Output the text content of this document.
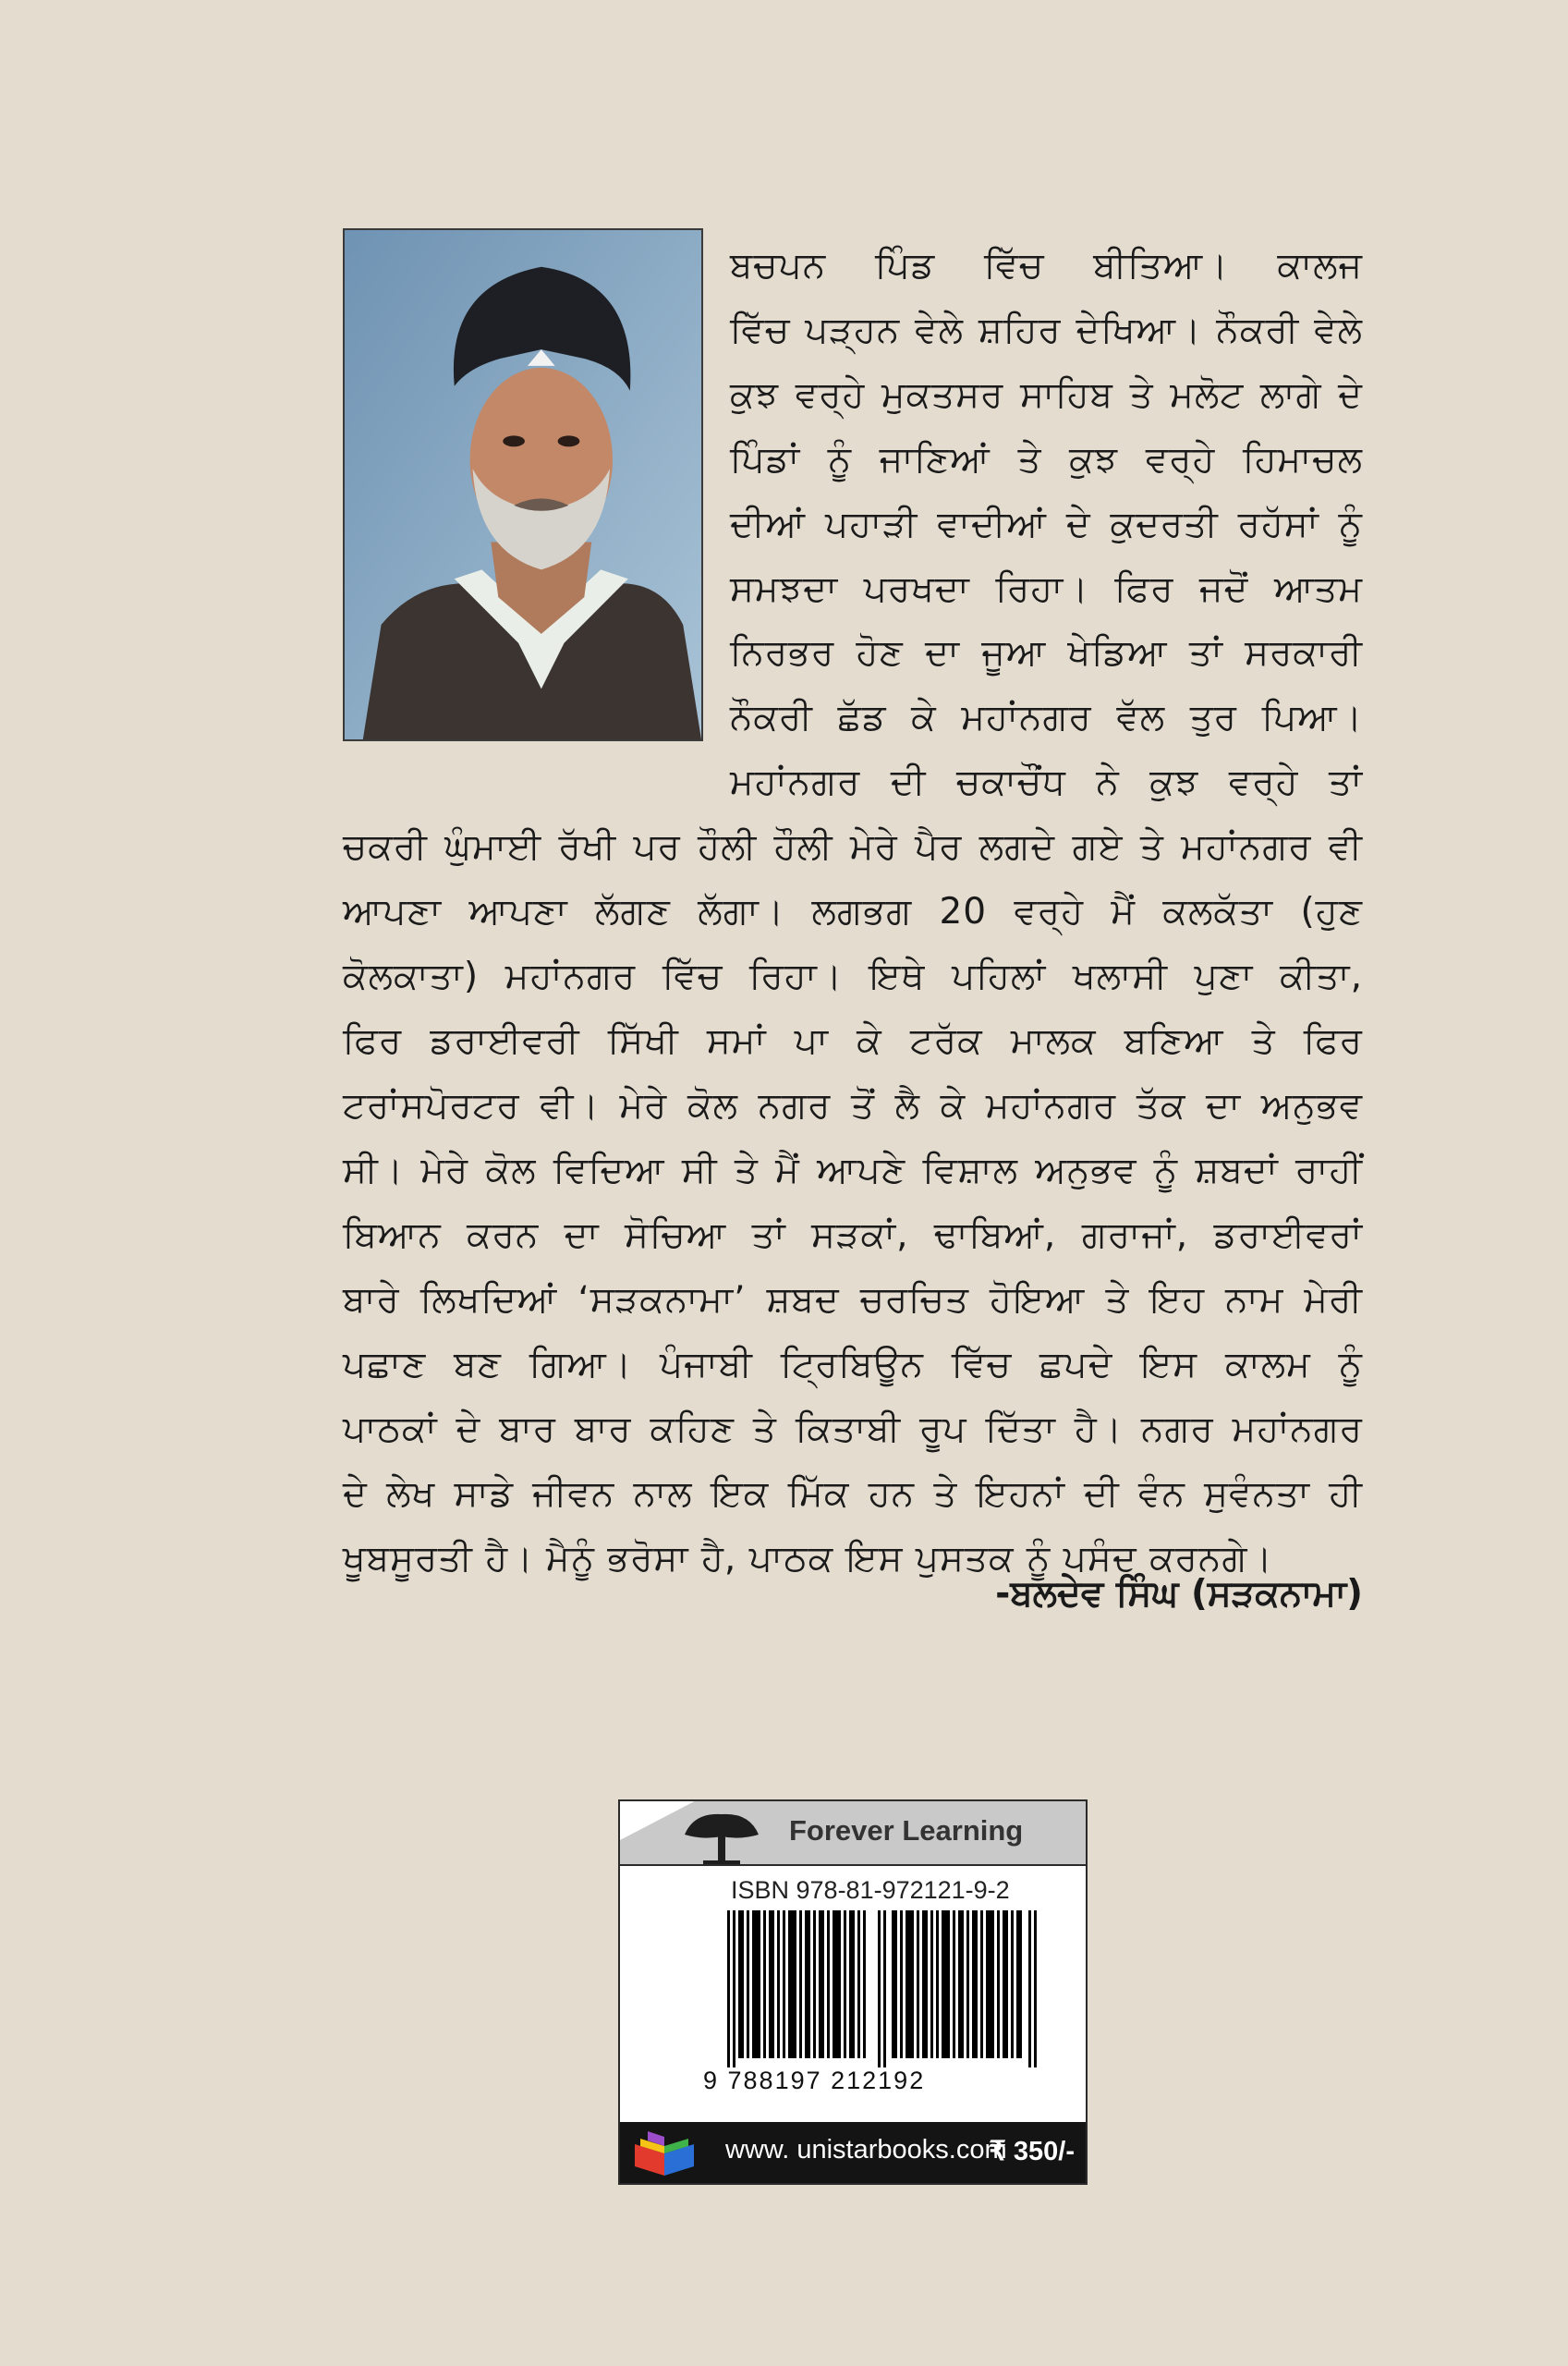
ਬਚਪਨ ਪਿੰਡ ਵਿੱਚ ਬੀਤਿਆ। ਕਾਲਜ
ਵਿੱਚ ਪੜ੍ਹਨ ਵੇਲੇ ਸ਼ਹਿਰ ਦੇਖਿਆ। ਨੌਕਰੀ ਵੇਲੇ
ਕੁਝ ਵਰ੍ਹੇ ਮੁਕਤਸਰ ਸਾਹਿਬ ਤੇ ਮਲੋਟ ਲਾਗੇ ਦੇ
ਪਿੰਡਾਂ ਨੂੰ ਜਾਣਿਆਂ ਤੇ ਕੁਝ ਵਰ੍ਹੇ ਹਿਮਾਚਲ
ਦੀਆਂ ਪਹਾੜੀ ਵਾਦੀਆਂ ਦੇ ਕੁਦਰਤੀ ਰਹੱਸਾਂ ਨੂੰ
ਸਮਝਦਾ ਪਰਖਦਾ ਰਿਹਾ। ਫਿਰ ਜਦੋਂ ਆਤਮ
ਨਿਰਭਰ ਹੋਣ ਦਾ ਜੂਆ ਖੇਡਿਆ ਤਾਂ ਸਰਕਾਰੀ
ਨੌਕਰੀ ਛੱਡ ਕੇ ਮਹਾਂਨਗਰ ਵੱਲ ਤੁਰ ਪਿਆ।
ਮਹਾਂਨਗਰ ਦੀ ਚਕਾਚੌਂਧ ਨੇ ਕੁਝ ਵਰ੍ਹੇ ਤਾਂ
ਚਕਰੀ ਘੁੰਮਾਈ ਰੱਖੀ ਪਰ ਹੌਲੀ ਹੌਲੀ ਮੇਰੇ ਪੈਰ ਲਗਦੇ ਗਏ ਤੇ ਮਹਾਂਨਗਰ ਵੀ
ਆਪਣਾ ਆਪਣਾ ਲੱਗਣ ਲੱਗਾ। ਲਗਭਗ 20 ਵਰ੍ਹੇ ਮੈਂ ਕਲਕੱਤਾ (ਹੁਣ
ਕੋਲਕਾਤਾ) ਮਹਾਂਨਗਰ ਵਿੱਚ ਰਿਹਾ। ਇਥੇ ਪਹਿਲਾਂ ਖਲਾਸੀ ਪੁਣਾ ਕੀਤਾ,
ਫਿਰ ਡਰਾਈਵਰੀ ਸਿੱਖੀ ਸਮਾਂ ਪਾ ਕੇ ਟਰੱਕ ਮਾਲਕ ਬਣਿਆ ਤੇ ਫਿਰ
ਟਰਾਂਸਪੋਰਟਰ ਵੀ। ਮੇਰੇ ਕੋਲ ਨਗਰ ਤੋਂ ਲੈ ਕੇ ਮਹਾਂਨਗਰ ਤੱਕ ਦਾ ਅਨੁਭਵ
ਸੀ। ਮੇਰੇ ਕੋਲ ਵਿਦਿਆ ਸੀ ਤੇ ਮੈਂ ਆਪਣੇ ਵਿਸ਼ਾਲ ਅਨੁਭਵ ਨੂੰ ਸ਼ਬਦਾਂ ਰਾਹੀਂ
ਬਿਆਨ ਕਰਨ ਦਾ ਸੋਚਿਆ ਤਾਂ ਸੜਕਾਂ, ਢਾਬਿਆਂ, ਗਰਾਜਾਂ, ਡਰਾਈਵਰਾਂ
ਬਾਰੇ ਲਿਖਦਿਆਂ ‘ਸੜਕਨਾਮਾ’ ਸ਼ਬਦ ਚਰਚਿਤ ਹੋਇਆ ਤੇ ਇਹ ਨਾਮ ਮੇਰੀ
ਪਛਾਣ ਬਣ ਗਿਆ। ਪੰਜਾਬੀ ਟ੍ਰਿਬਿਊਨ ਵਿੱਚ ਛਪਦੇ ਇਸ ਕਾਲਮ ਨੂੰ
ਪਾਠਕਾਂ ਦੇ ਬਾਰ ਬਾਰ ਕਹਿਣ ਤੇ ਕਿਤਾਬੀ ਰੂਪ ਦਿੱਤਾ ਹੈ। ਨਗਰ ਮਹਾਂਨਗਰ
ਦੇ ਲੇਖ ਸਾਡੇ ਜੀਵਨ ਨਾਲ ਇਕ ਮਿੱਕ ਹਨ ਤੇ ਇਹਨਾਂ ਦੀ ਵੰਨ ਸੁਵੰਨਤਾ ਹੀ
ਖੂਬਸੂਰਤੀ ਹੈ। ਮੈਨੂੰ ਭਰੋਸਾ ਹੈ, ਪਾਠਕ ਇਸ ਪੁਸਤਕ ਨੂੰ ਪਸੰਦ ਕਰਨਗੇ।
-ਬਲਦੇਵ ਸਿੰਘ (ਸੜਕਨਾਮਾ)
Forever Learning
ISBN 978-81-972121-9-2
9 788197 212192
www. unistarbooks.com
₹ 350/-
